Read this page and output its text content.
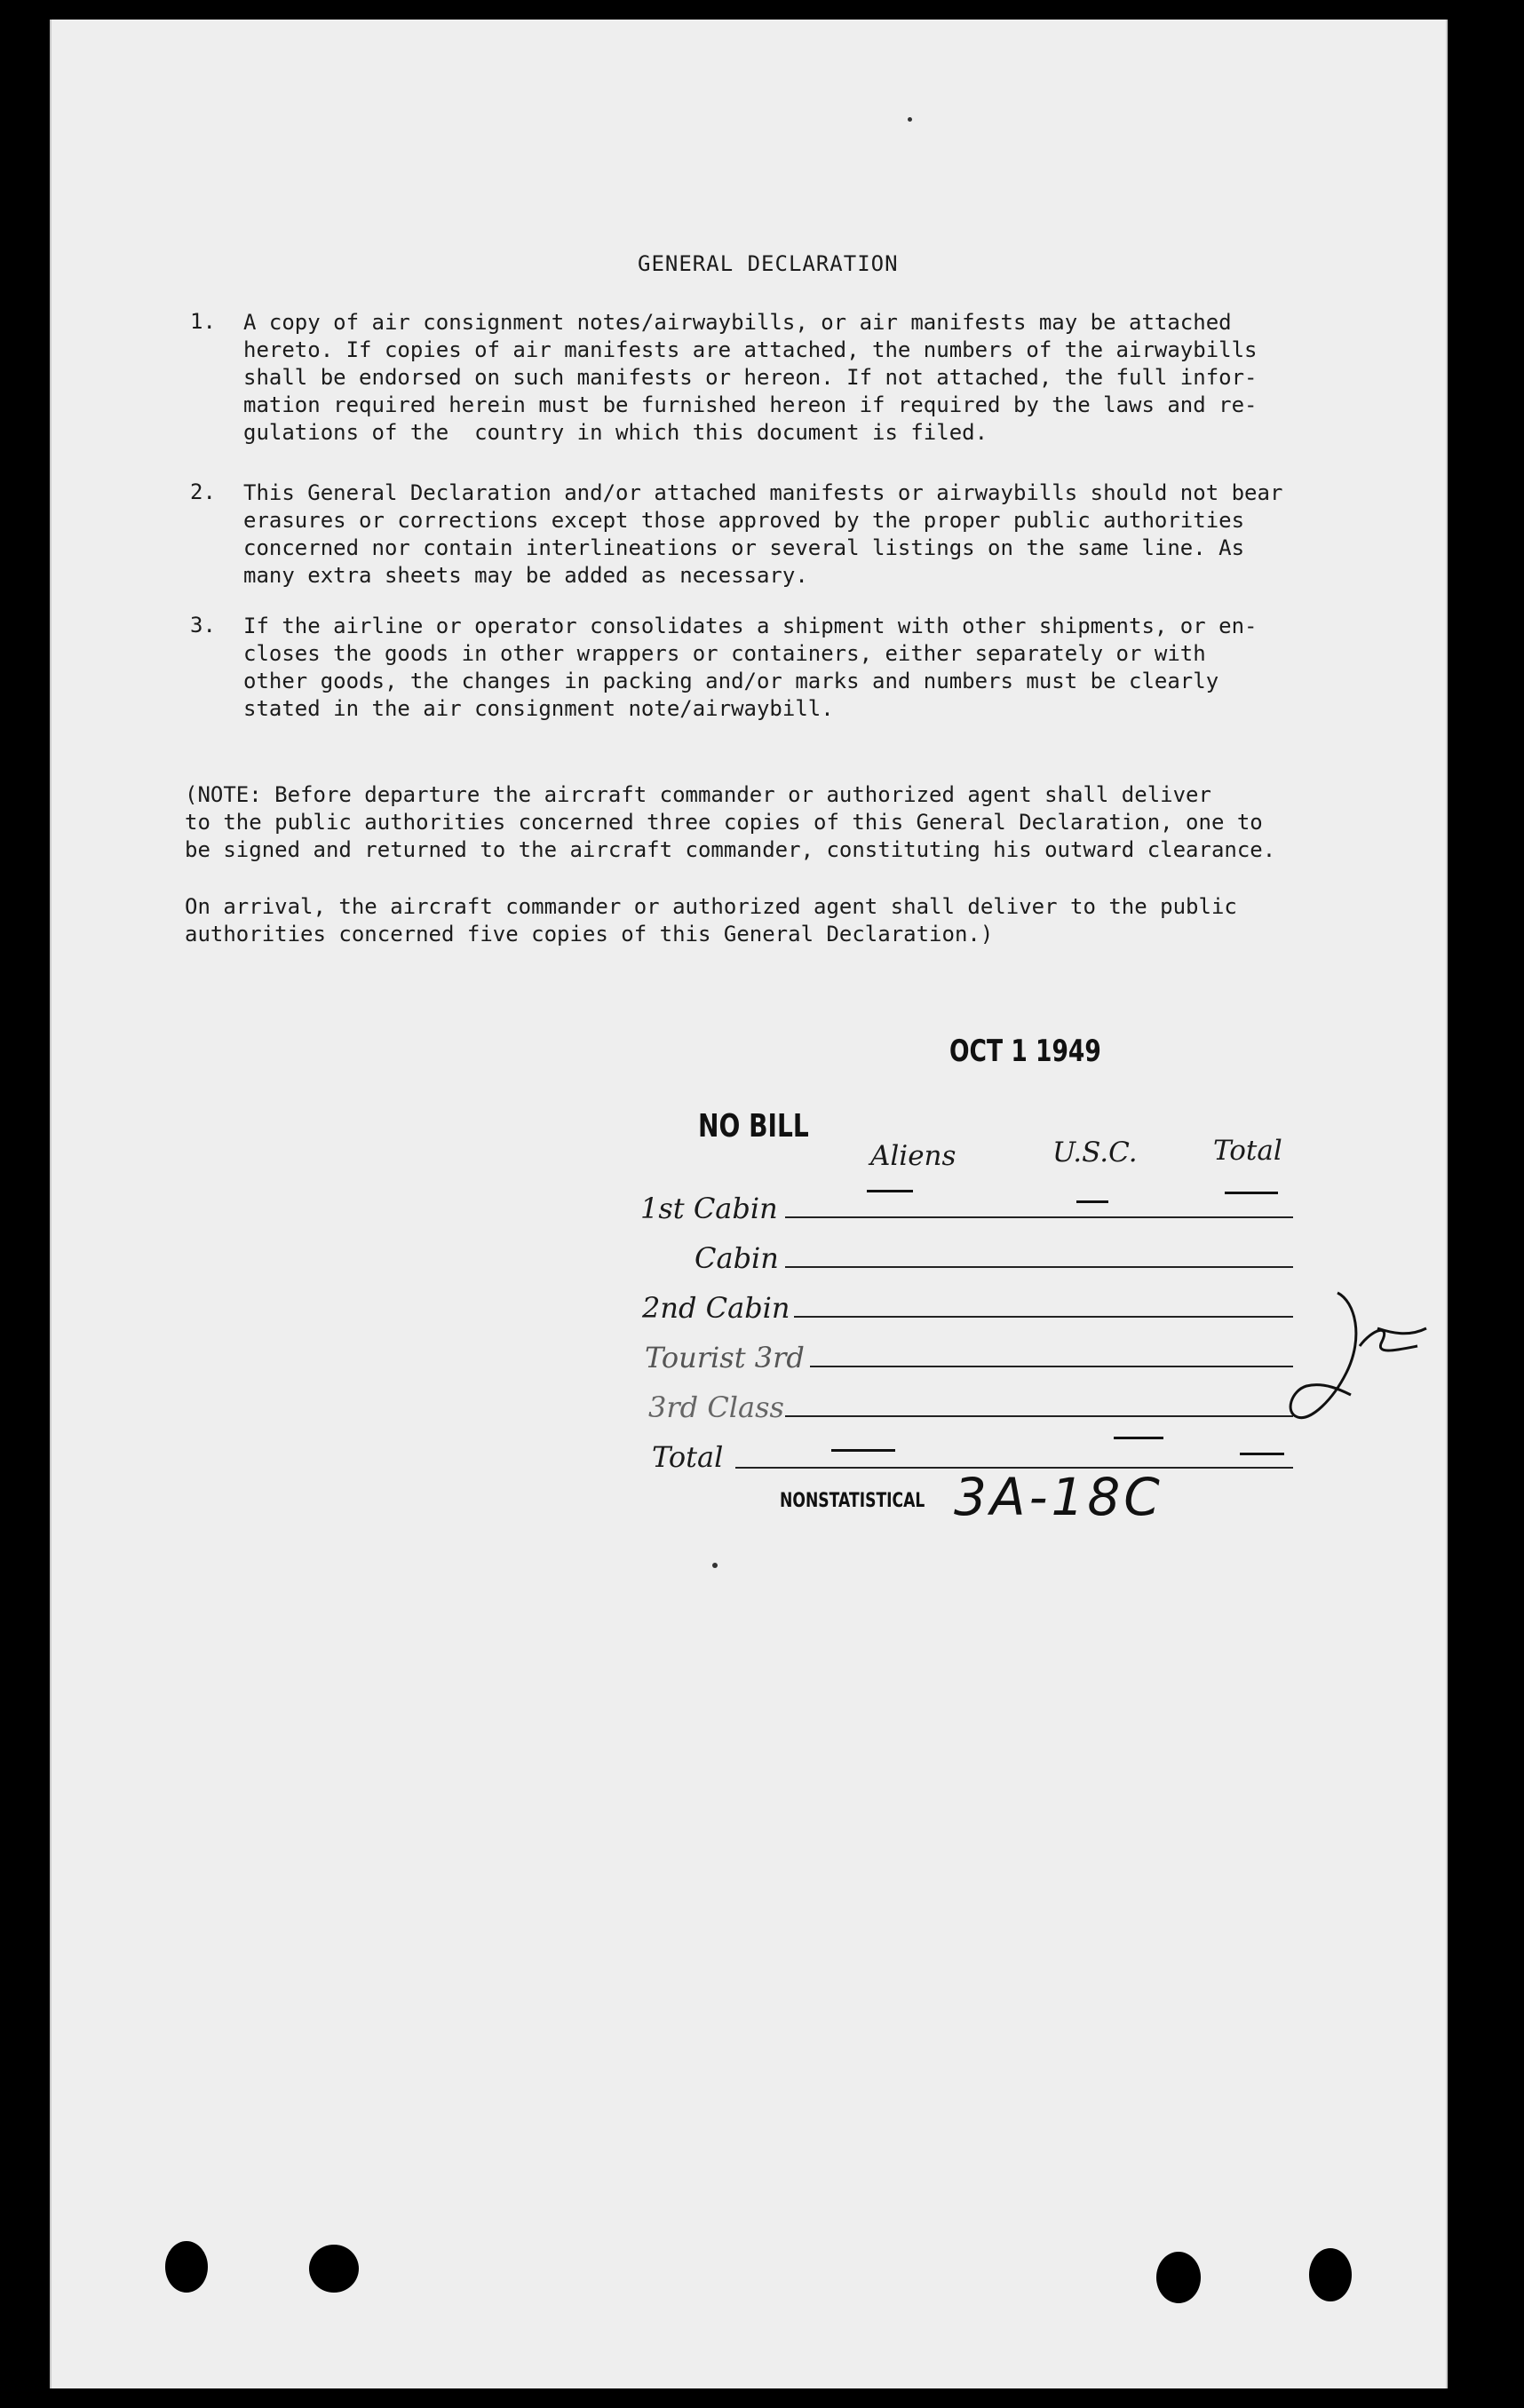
GENERAL DECLARATION
1. A copy of air consignment notes/airwaybills, or air manifests may be attached
hereto. If copies of air manifests are attached, the numbers of the airwaybills
shall be endorsed on such manifests or hereon. If not attached, the full infor-
mation required herein must be furnished hereon if required by the laws and re-
gulations of the  country in which this document is filed.
2. This General Declaration and/or attached manifests or airwaybills should not bear
erasures or corrections except those approved by the proper public authorities
concerned nor contain interlineations or several listings on the same line. As
many extra sheets may be added as necessary.
3. If the airline or operator consolidates a shipment with other shipments, or en-
closes the goods in other wrappers or containers, either separately or with
other goods, the changes in packing and/or marks and numbers must be clearly
stated in the air consignment note/airwaybill.
(NOTE: Before departure the aircraft commander or authorized agent shall deliver
to the public authorities concerned three copies of this General Declaration, one to
be signed and returned to the aircraft commander, constituting his outward clearance.
On arrival, the aircraft commander or authorized agent shall deliver to the public
authorities concerned five copies of this General Declaration.)
OCT 1 1949
NO BILL
Aliens	U.S.C.	Total
1st Cabin
Cabin
2nd Cabin
Tourist 3rd
3rd Class
Total
NONSTATISTICAL 3A-18C
